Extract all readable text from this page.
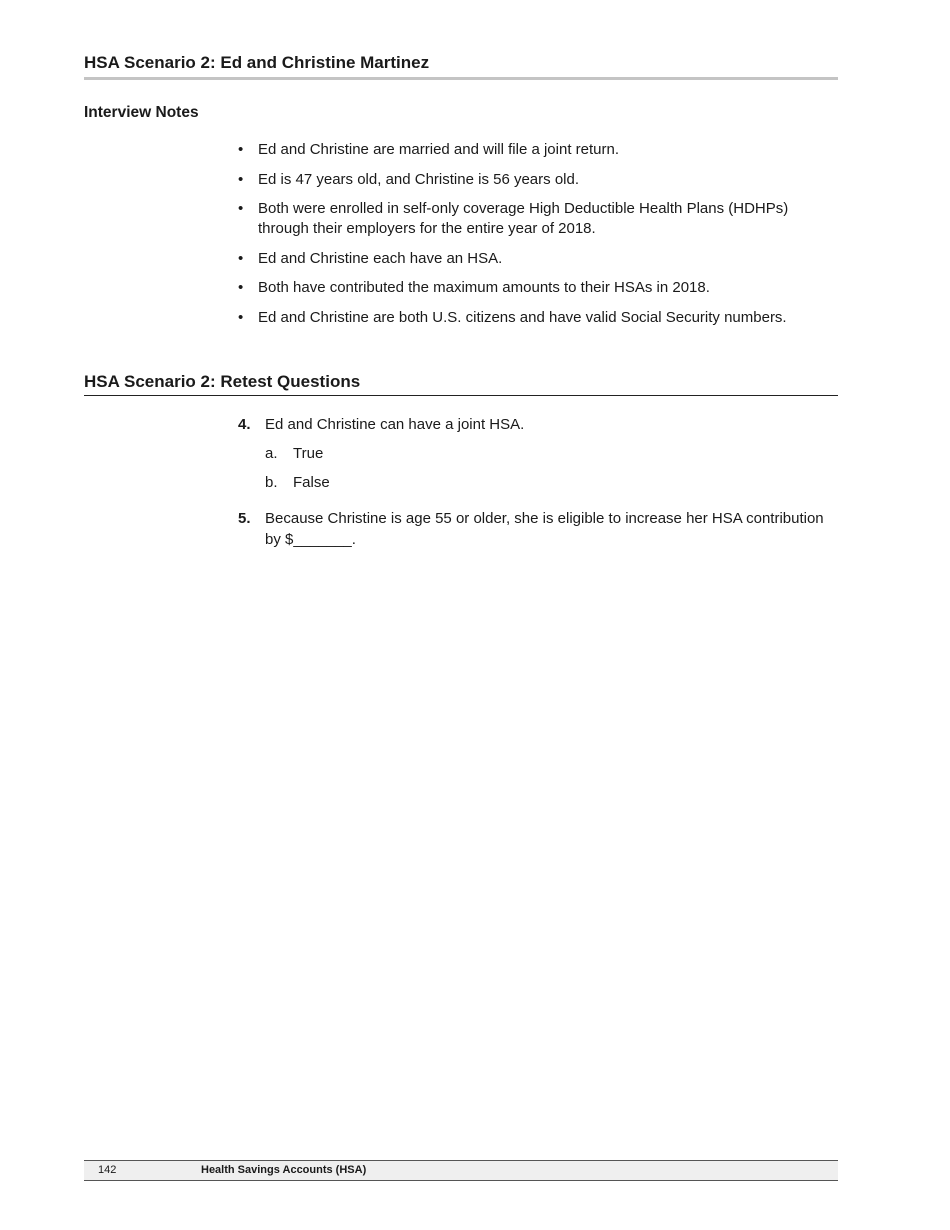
HSA Scenario 2: Ed and Christine Martinez
Interview Notes
• Ed and Christine are married and will file a joint return.
• Ed is 47 years old, and Christine is 56 years old.
• Both were enrolled in self-only coverage High Deductible Health Plans (HDHPs) through their employers for the entire year of 2018.
• Ed and Christine each have an HSA.
• Both have contributed the maximum amounts to their HSAs in 2018.
• Ed and Christine are both U.S. citizens and have valid Social Security numbers.
HSA Scenario 2: Retest Questions
4. Ed and Christine can have a joint HSA.
a. True
b. False
5. Because Christine is age 55 or older, she is eligible to increase her HSA contribution by $_______.
142	Health Savings Accounts (HSA)
